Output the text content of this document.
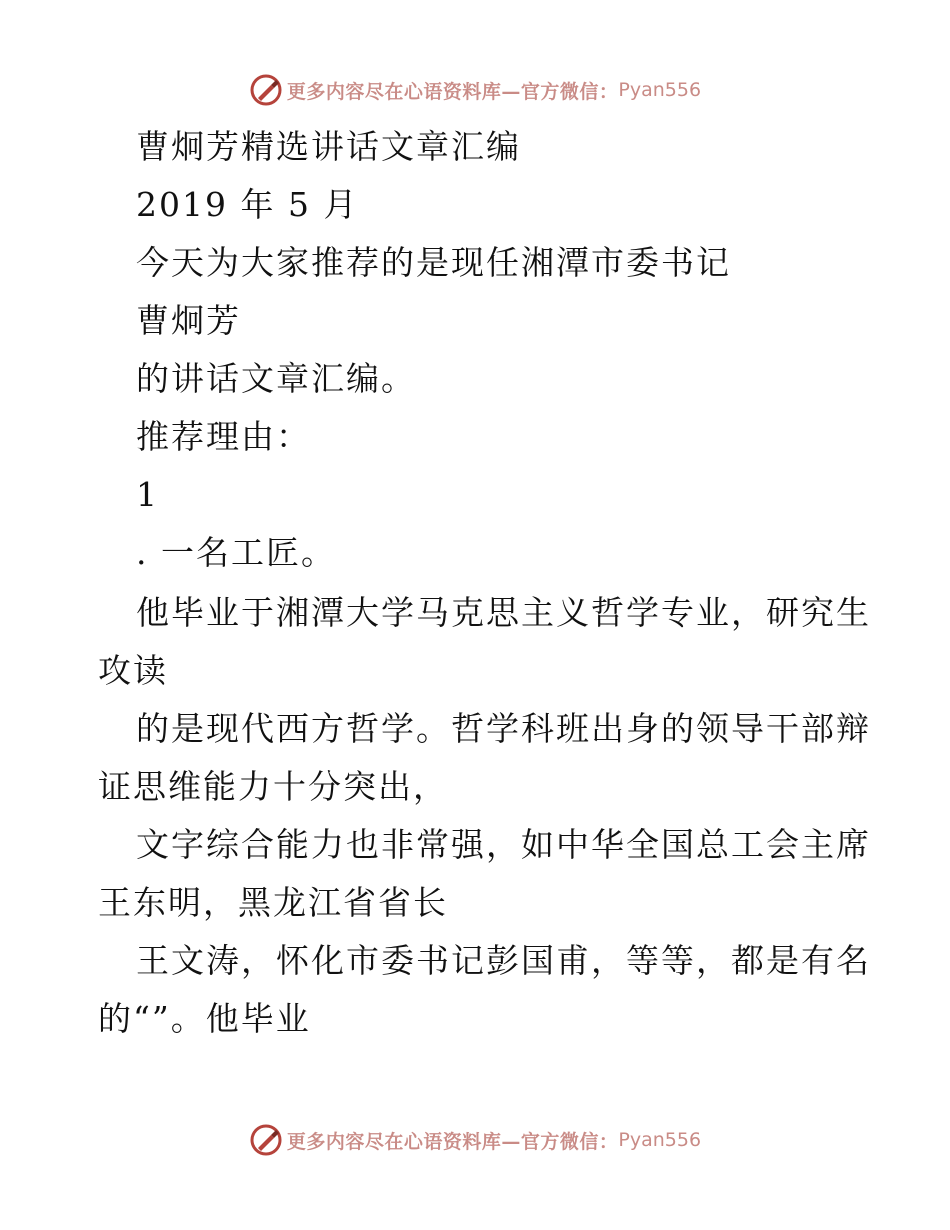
更多内容尽在心语资料库—官方微信： Pyan556
曹炯芳精选讲话文章汇编
2019 年 5 月
今天为大家推荐的是现任湘潭市委书记
曹炯芳
的讲话文章汇编。
推荐理由：
1
. 一名工匠。
他毕业于湘潭大学马克思主义哲学专业，研究生
攻读
的是现代西方哲学。哲学科班出身的领导干部辩
证思维能力十分突出，
文字综合能力也非常强，如中华全国总工会主席
王东明，黑龙江省省长
王文涛，怀化市委书记彭国甫，等等，都是有名
的“”。他毕业
更多内容尽在心语资料库—官方微信： Pyan556
